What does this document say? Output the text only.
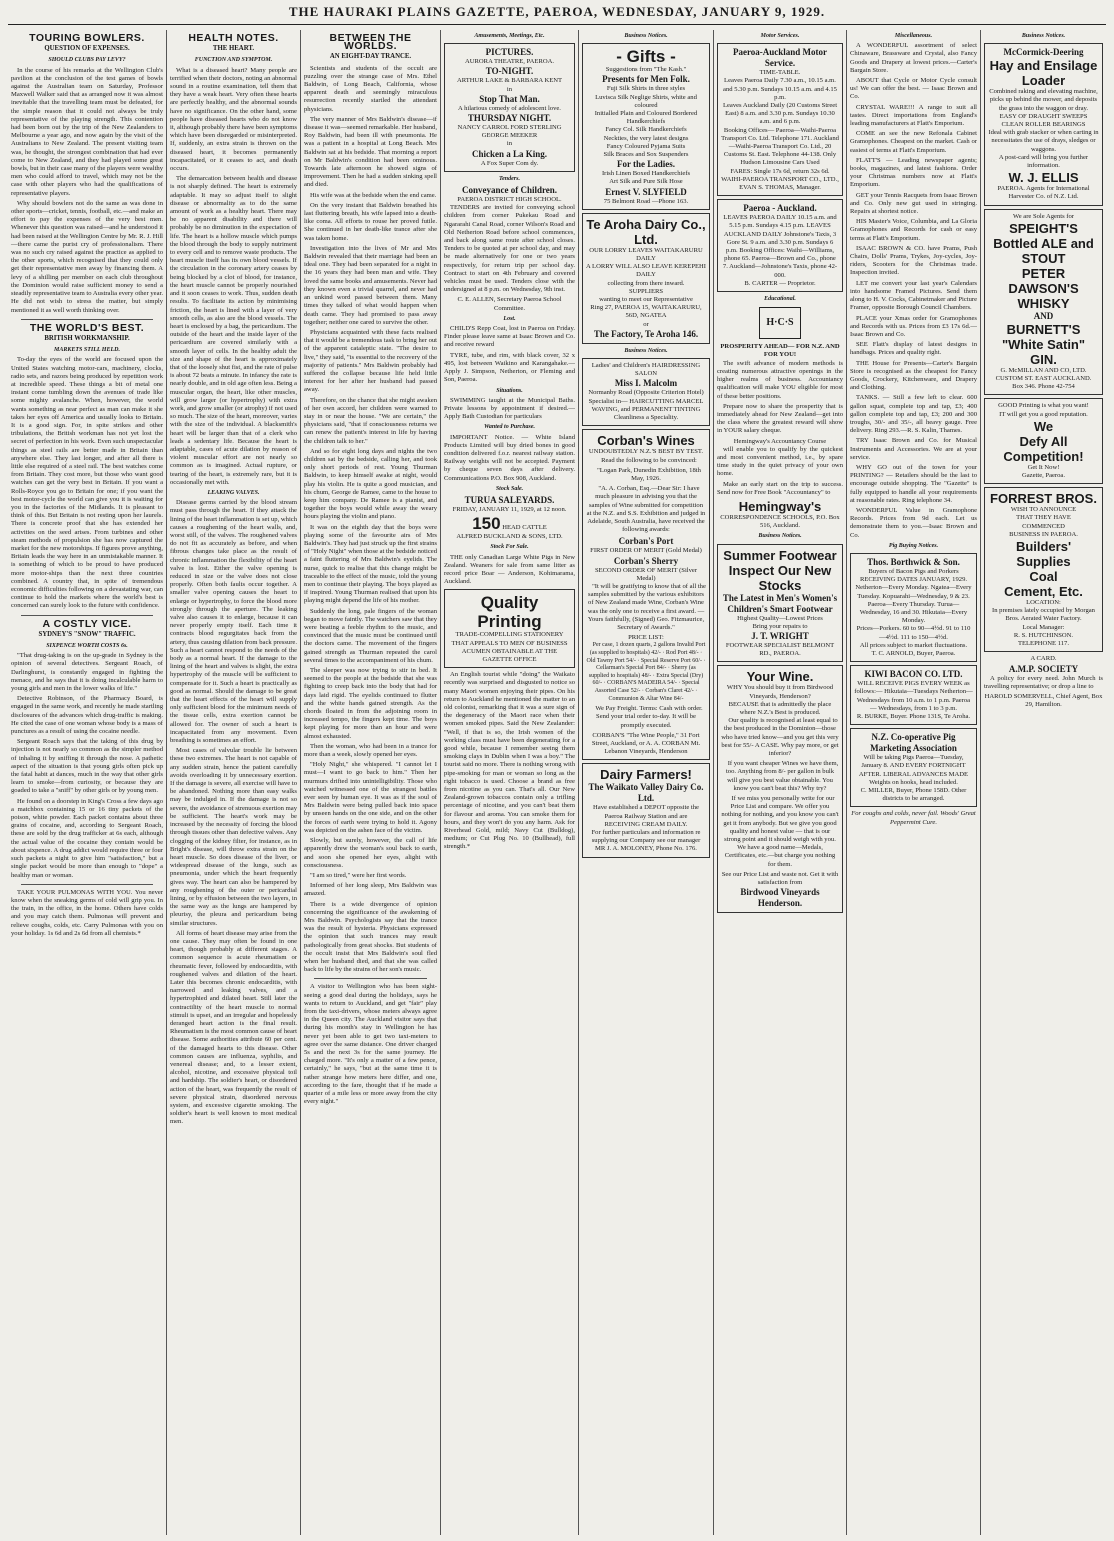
THE HAURAKI PLAINS GAZETTE, PAEROA, WEDNESDAY, JANUARY 9, 1929.
TOURING BOWLERS.
QUESTION OF EXPENSES.
SHOULD CLUBS PAY LEVY?

In the course of his remarks at the Wellington Club's pavilion at the conclusion of the test games of bowls against the Australian team on Saturday, Professor Maxwell Walker said that as arranged now it was almost inevitable that the travelling team must be defeated, for the simple reason that it could not always be truly representative of the playing strength. This contention had been born out by the trip of the New Zealanders to Melbourne a year ago, and now again by the visit of the Australians to New Zealand. The present visiting team was, he thought, the strongest combination that had ever come to New Zealand, and they had played some great bowls, but in their case many of the players were wealthy men who could afford to travel, which may not be the case with other players who had the qualifications of representative players.

Why should bowlers not do the same as was done in other sports—cricket, tennis, football, etc.—and make an effort to pay the expenses of the very best men. Whenever this question was raised—and he understood it had been raised at the Wellington Centre by Mr. R. J. Hill—there came the purist cry of professionalism. There was no such cry raised against the practice as applied to the other sports, which recognised that they could only get their representative men away by financing them. A levy of a shilling per member on each club throughout the Dominion would raise sufficient money to send a steadily representative team to Australia every other year. He did not wish to stress the matter, but simply mentioned it as well worth thinking over.

THE WORLD'S BEST.
BRITISH WORKMANSHIP.
MARKETS STILL HELD.

To-day the eyes of the world are focused upon the United States watching motor-cars, machinery, clocks, radio sets, and razors being produced by repetition work at incredible speed. These things a bit of metal one instant come tumbling down the avenues of trade like some mighty avalanche. When, however, the world wants something as near perfect as man can make it she takes her eyes off America and usually looks to Britain. It is a good sign. For, in spite strikes and other tribulations, the British workman has not yet lost the secret of perfection in his work. Even such unspectacular things as steel rails are better made in Britain than anywhere else. They last longer, and after all there is little else required of a steel rail. The best watches come from Britain. They cost more, but those who want good watches can get the very best in Britain. If you want a Rolls-Royce you go to Britain for one; if you want the best motor-cycle the world can give you it is waiting for you in the factories of the Midlands. It is pleasant to think of this. But Britain is not resting upon her laurels. There is concrete proof that she has extended her activities on the seed arises. From turbines and other steam methods of propulsion she has now captured the market for the new motorships. If figures prove anything, Britain leads the way here in an unmistakable manner. It is something of which to be proud to have produced more motor-ships than the next three countries combined. A country that, in spite of tremendous economic difficulties following on a devastating war, can continue to hold the markets where the world's best is concerned can surely look to the future with confidence.

A COSTLY VICE.
SYDNEY'S "SNOW" TRAFFIC.
SIXPENCE WORTH COSTS 6s.

"That drug-taking is on the up-grade in Sydney is the opinion of several detectives. Sergeant Roach, of Darlinghurst, is constantly engaged in fighting the menace, and he says that it is doing incalculable harm to young girls and men in the lower walks of life."

Detective Robinson, of the Pharmacy Board, is engaged in the same work, and recently he made startling disclosures of the advances which drug-traffic is making. He cited the case of one woman whose body is a mass of punctures as a result of using the cocaine needle.

Sergeant Roach says that the taking of this drug by injection is not nearly so common as the simpler method of inhaling it by sniffing it through the nose. A pathetic aspect of the situation is that young girls often pick up the fatal habit at dances, much in the way that other girls learn to smoke—from curiosity, or because they are goaded to take a "sniff" by other girls or by young men.

He found on a doorstep in King's Cross a few days ago a matchbox containing 15 or 16 tiny packets of the poison, white powder. Each packet contains about three grains of cocaine, and, according to Sergeant Roach, these are sold by the drug trafficker at 6s each, although the actual value of the cocaine they contain would be about sixpence. A drug addict would require three or four such packets a night to give him "satisfaction," but a single packet would be more than enough to "dope" a healthy man or woman.

TAKE YOUR PULMONAS WITH YOU. You never know when the sneaking germs of cold will grip you. In the train, in the office, in the home. Others have colds and you may catch them. Pulmonas will prevent and relieve coughs, colds, etc. Carry Pulmonas with you on your holiday. 1s 6d and 2s 6d from all chemists.*

HEALTH NOTES.
THE HEART.
FUNCTION AND SYMPTOM.

What is a diseased heart? Many people are terrified when their doctors, noting an abnormal sound in a routine examination, tell them that they have a weak heart. Very often these hearts are perfectly healthy, and the abnormal sounds have no significance. On the other hand, some people have diseased hearts who do not know it, although probably there have been symptoms which have been disregarded or misinterpreted. If, suddenly, an extra strain is thrown on the diseased heart, it becomes permanently incapacitated, or it ceases to act, and death occurs.

The demarcation between health and disease is not sharply defined. The heart is extremely adaptable. It may so adjust itself to slight disease or abnormality as to do the same amount of work as a healthy heart. There may be no apparent disability and there will probably be no diminution in the expectation of life. The heart is a hollow muscle which pumps the blood through the body to supply nutriment to every cell and to remove waste products. The heart muscle itself has its own blood vessels. If the circulation in the coronary artery ceases by being blocked by a clot of blood, for instance, the heart muscle cannot be properly nourished and it soon ceases to work. Thus, sudden death results. To facilitate its action by minimising friction, the heart is lined with a layer of very smooth cells, as also are the blood vessels. The heart is enclosed by a bag, the pericardium. The outside of the heart and the inside layer of the pericardium are covered similarly with a smooth layer of cells. In the healthy adult the size and shape of the heart is approximately that of the loosely shut fist, and the rate of pulse is about 72 beats a minute. In infancy the rate is nearly double, and in old age often less. Being a muscular organ, the heart, like other muscles, will grow larger (or hypertrophy) with extra work, and grow smaller (or atrophy) if not used so much. The size of the heart, moreover, varies with the size of the individual. A blacksmith's heart will be larger than that of a clerk who leads a sedentary life. Because the heart is adaptable, cases of acute dilation by reason of violent muscular effort are not nearly so common as is imagined. Actual rupture, or tearing of the heart, is extremely rare, but it is occasionally met with.

LEAKING VALVES.

Disease germs carried by the blood stream must pass through the heart. If they attack the lining of the heart inflammation is set up, which causes a roughening of the heart walls, and, worst still, of the valves. The roughened valves do not fit as accurately as before, and when fibrous changes take place as the result of chronic inflammation the flexibility of the heart valve is lost. Either the valve opening is reduced in size or the valve does not close properly. Often both faults occur together. A smaller valve opening causes the heart to enlarge or hypertrophy, to force the blood more strongly through the aperture. The leaking valve also causes it to enlarge, because it can never properly empty itself. Each time it contracts blood regurgitates back from the artery, thus causing dilation from back pressure. Such a heart cannot respond to the needs of the body as a normal heart. If the damage to the lining of the heart and valves is slight, the extra hypertrophy of the muscle will be sufficient to compensate for it. Such a heart is practically as good as normal. Should the damage to be great that the heart effects of the heart will supply only sufficient blood for the minimum needs of the tissue cells, extra exertion cannot be allowed for. The owner of such a heart is incapacitated from any movement. Even breathing is sometimes an effort.

Most cases of valvular trouble lie between these two extremes. The heart is not capable of any sudden strain, hence the patient carefully avoids overloading it by unnecessary exertion. If the damage is severe, all exercise will have to be abandoned. Nothing more than easy walks may be indulged in. If the damage is not so severe, the avoidance of strenuous exertion may be sufficient. The heart's work may be increased by the necessity of forcing the blood through tissues other than defective valves. Any clogging of the kidney filter, for instance, as in Bright's disease, will throw extra strain on the heart muscle. So does disease of the liver, or widespread disease of the lungs, such as pneumonia, under which the heart frequently gives way. The heart can also be hampered by any roughening of the outer or pericardial lining, or by effusion between the two layers, in the same way as the lungs are hampered by pleurisy, the pleura and pericardium being similar structures.

All forms of heart disease may arise from the one cause. They may often be found in one heart, though probably at different stages. A common sequence is acute rheumatism or rheumatic fever, followed by endocarditis, with roughened valves and dilation of the heart. Later this becomes chronic endocarditis, with narrowed and leaking valves, and a hypertrophied and dilated heart. Still later the contractility of the heart muscle to normal stimuli is upset, and an irregular and hopelessly deranged heart action is the final result. Rheumatism is the most common cause of heart disease. Some authorities attribute 60 per cent. of the damaged hearts to this disease. Other common causes are influenza, syphilis, and venereal disease; and, to a lesser extent, alcohol, nicotine, and excessive physical toil and hardship. The soldier's heart, or disordered action of the heart, was frequently the result of severe physical strain, disordered nervous system, and excessive cigarette smoking. The soldier's heart is well known to most medical men.

BETWEEN THE WORLDS.
AN EIGHT-DAY TRANCE.

Scientists and students of the occult are puzzling over the strange case of Mrs. Ethel Baldwin, of Long Beach, California, whose apparent death and seemingly miraculous resurrection recently startled the attendant physicians.

The very manner of Mrs Baldwin's disease—if disease it was—seemed remarkable. Her husband, Roy Baldwin, had been ill with pneumonia. He was a patient in a hospital at Long Beach. Mrs Baldwin sat at his bedside. That morning a report on Mr Baldwin's condition had been ominous. Towards late afternoon he showed signs of improvement. Then he had a sudden sinking spell and died.

His wife was at the bedside when the end came.

On the very instant that Baldwin breathed his last fluttering breath, his wife lapsed into a death-like coma. All efforts to rouse her proved futile. She continued in her death-like trance after she was taken home.

Investigation into the lives of Mr and Mrs Baldwin revealed that their marriage had been an ideal one. They had been separated for a night in the 16 years they had been man and wife. They loved the same books and amusements. Never had they known even a trivial quarrel, and never had an unkind word passed between them. Many times they talked of what would happen when death came. They had promised to pass away together; neither one cared to survive the other.

Physicians acquainted with these facts realised that it would be a tremendous task to bring her out of the apparent cataleptic state. "The desire to live," they said, "is essential to the recovery of the majority of patients." Mrs Baldwin probably had suffered the collapse because life held little interest for her after her husband had passed away.

Therefore, on the chance that she might awaken of her own accord, her children were warned to stay in or near the house. "We are certain," the physicians said, "that if consciousness returns we can renew the patient's interest in life by having the children talk to her."

And so for eight long days and nights the two children sat by the bedside, calling her, and took only short periods of rest. Young Thurman Baldwin, to keep himself awake at night, would play his violin. He is quite a good musician, and his chum, George de Ramee, came to the house to keep him company. De Ramee is a pianist, and together the boys would while away the weary hours playing the violin and piano.

It was on the eighth day that the boys were playing some of the favourite airs of Mrs Baldwin's. They had just struck up the first strains of "Holy Night" when those at the bedside noticed a faint fluttering of Mrs Baldwin's eyelids. The nurse, quick to realise that this change might be traceable to the effect of the music, told the young men to continue their playing. The boys played as if inspired. Young Thurman realised that upon his playing might depend the life of his mother.

Suddenly the long, pale fingers of the woman began to move faintly. The watchers saw that they were beating a feeble rhythm to the music, and convinced that the music must be continued until the doctors came. The movement of the fingers gained strength as Thurman repeated the carol several times to the accompaniment of his chum.

The sleeper was now trying to stir in bed. It seemed to the people at the bedside that she was fighting to creep back into the body that had for days laid rigid. The eyelids continued to flutter and the white hands gained strength. As the chords floated in from the adjoining room in increased tempo, the fingers kept time. The boys kept playing for more than an hour and were almost exhausted.

Then the woman, who had been in a trance for more than a week, slowly opened her eyes.

"Holy Night," she whispered. "I cannot let I must—I want to go back to him." Then her murmurs drifted into unintelligibility. Those who watched witnessed one of the strangest battles ever seen by human eye. It was as if the soul of Mrs Baldwin were being pulled back into space by unseen hands on the one side, and on the other the forces of earth were trying to hold it. Agony was depicted on the ashen face of the victim.

Slowly, but surely, however, the call of life apparently drew the woman's soul back to earth, and soon she opened her eyes, alight with consciousness.

"I am so tired," were her first words.

Informed of her long sleep, Mrs Baldwin was amazed.

There is a wide divergence of opinion concerning the significance of the awakening of Mrs Baldwin. Psychologists say that the trance was the result of hysteria. Physicians expressed the opinion that such trances may result pathologically from great shocks. But students of the occult insist that Mrs Baldwin's soul fled when her husband died, and that she was called back to life by the strains of her son's music.

A visitor to Wellington who has been sight-seeing a good deal during the holidays, says he wants to return to Auckland, and get "fair" play from the taxi-drivers, whose meters always agree in the Queen city. The Auckland visitor says that during his month's stay in Wellington he has never yet been able to get two taxi-meters to agree over the same distance. One driver charged 5s and the next 3s for the same journey. He charged more. "It's only a matter of a few pence, certainly," he says, "but at the same time it is rather strange how meters here differ, and one, according to the fare, thought that if he made a quarter of a mile less or more away from the city every night."

Amusements, Meetings, Etc.
PICTURES.
AURORA THEATRE, PAEROA.
TO-NIGHT.
ARTHUR LAKE & BARBARA KENT
in
Stop That Man.
A hilarious comedy of adolescent love.
THURSDAY NIGHT.
NANCY CARROL FORD STERLING GEORGE MEEKER
in
Chicken a La King.
A Fox Super Com dy.
Tenders.
Conveyance of Children.
PAEROA DISTRICT HIGH SCHOOL.

TENDERS are invited for conveying school children from corner Pukekau Road and Ngararahi Canal Road, corner Wilson's Road and Old Netherton Road before school commences, and back along same route after school closes. Tenders to be quoted at per school day, and may be made alternatively for one or two years respectively, for return trip per school day. Contract to start on 4th February and covered vehicles must be used. Tenders close with the undersigned at 8 p.m. on Wednesday, 9th inst.

C. E. ALLEN, Secretary Paeroa School Committee.
Lost.

CHILD'S Repp Coat, lost in Paeroa on Friday. Finder please leave same at Isaac Brown and Co. and receive reward

TYRE, tube, and rim, with black cover, 32 x 495, lost between Waikino and Karangahake.—Apply J. Simpson, Netherton, or Fleming and Son, Paeroa.

Situations.

SWIMMING taught at the Municipal Baths. Private lessons by appointment if desired.—Apply Bath Custodian for particulars

Wanted to Purchase.

IMPORTANT Notice. — White Island Products Limited will buy dried bones in good condition delivered f.o.r. nearest railway station. Railway weights will not be accepted. Payment by cheque seven days after delivery. Communications P.O. Box 908, Auckland.

Stock Sale.
TURUA SALEYARDS.
FRIDAY, JANUARY 11, 1929, at 12 noon.
150 HEAD CATTLE
ALFRED BUCKLAND & SONS, LTD.
Stock For Sale.

THE only Canadian Large White Pigs in New Zealand. Weaners for sale from same litter as record price Boar — Anderson, Kohimarama, Auckland.

Quality
Printing
TRADE-COMPELLING STATIONERY THAT APPEALS TO MEN OF BUSINESS ACUMEN OBTAINABLE AT THE GAZETTE OFFICE

An English tourist while "doing" the Waikato recently was surprised and disgusted to notice so many Maori women enjoying their pipes. On his return to Auckland he mentioned the matter to an old colonist, remarking that it was a sure sign of the degeneracy of the Maori race when their women smoked pipes. Said the New Zealander: "Well, if that is so, the Irish women of the working class must have been degenerating for a good while, because I remember seeing them smoking clays in Dublin when I was a boy." The tourist said no more. There is nothing wrong with pipe-smoking for man or woman so long as the right tobacco is used. Choose a brand as free from nicotine as you can. That's all. Our New Zealand-grown tobaccos contain only a trifling percentage of nicotine, and you can't beat them for flavour and aroma. You can smoke them for hours, and they won't do you any harm. Ask for Riverhead Gold, mild; Navy Cut (Bulldog), medium; or Cut Plug No. 10 (Bullhead), full strength.*

Business Notices.
- Gifts -
Suggestions from "The Kash."
Presents for Men Folk.
Fuji Silk Shirts in three styles
Luvisca Silk Neglige Shirts, white and coloured
Initialled Plain and Coloured Bordered Handkerchiefs
Fancy Col. Silk Handkerchiefs
Neckties, the very latest designs
Fancy Coloured Pyjama Suits
Silk Braces and Sox Suspenders
For the Ladies.
Irish Linen Boxed Handkerchiefs
Art Silk and Pure Silk Hose
Ernest V. SLYFIELD
75 Belmont Road —Phone 163.
Te Aroha Dairy Co., Ltd.
OUR LORRY LEAVES WAITAKARURU DAILY
A LORRY WILL ALSO LEAVE KEREPEHI DAILY
collecting from there inward.
SUPPLIERS
wanting to meet our Representative
Ring 27, PAEROA 15, WAITAKARURU, 56D, NGATEA
or
The Factory, Te Aroha 146.
Business Notices.
Ladies' and Children's HAIRDRESSING SALON
Miss I. Malcolm
Normanby Road (Opposite Criterion Hotel)
Specialist in— HAIRCUTTING MARCEL WAVING, and PERMANENT TINTING
Cleanliness a Speciality.
Corban's Wines
UNDOUBTEDLY N.Z.'S BEST BY TEST.

Read the following to be convinced:

"Logan Park, Dunedin Exhibition, 18th May, 1926.

"A. A. Corban, Esq.—Dear Sir: I have much pleasure in advising you that the samples of Wine submitted for competition at the N.Z. and S.S. Exhibition and judged in Adelaide, South Australia, have received the following awards:

Corban's Port
FIRST ORDER OF MERIT (Gold Medal)
Corban's Sherry
SECOND ORDER OF MERIT (Silver Medal)

"It will be gratifying to know that of all the samples submitted by the various exhibitors of New Zealand made Wine, Corban's Wine was the only one to receive a first award. — Yours faithfully, (Signed) Geo. Fitzmaurice, Secretary of Awards."

PRICE LIST:

Per case, 1 dozen quarts, 2 gallons Invalid Port (as supplied to hospitals) 42/- · Rod Port 48/- · Old Tawny Port 54/- · Special Reserve Port 60/- · Cellarman's Special Port 84/- · Sherry (as supplied to hospitals) 48/- · Extra Special (Dry) 60/- · CORBAN'S MADEIRA 54/- · Special Assorted Case 52/- · Corban's Claret 42/- · Communion & Altar Wine 84/-

We Pay Freight. Terms: Cash with order. Send your trial order to-day. It will be promptly executed.

CORBAN'S "The Wine People," 31 Fort Street, Auckland, or A. A. CORBAN Mt. Lebanon Vineyards, Henderson
Dairy Farmers!
The Waikato Valley Dairy Co. Ltd.
Have established a DEPOT opposite the Paeroa Railway Station and are
RECEIVING CREAM DAILY.
For further particulars and information re supplying our Company see our manager
MR J. A. MOLONEY, Phone No. 176.
Motor Services.
Paeroa-Auckland Motor Service.
TIME-TABLE.
Leaves Paeroa Daily 7.30 a.m., 10.15 a.m. and 5.30 p.m. Sundays 10.15 a.m. and 4.15 p.m.
Leaves Auckland Daily (20 Customs Street East) 8 a.m. and 3.30 p.m. Sundays 10.30 a.m. and 6 p.m.
Booking Offices— Paeroa—Waihi-Paeroa Transport Co. Ltd. Telephone 171. Auckland—Waihi-Paeroa Transport Co. Ltd., 20 Customs St. East. Telephone 44-138. Only Hudson Limousine Cars Used
FARES: Single 17s 6d, return 32s 6d.
WAIHI-PAEROA TRANSPORT CO., LTD., EVAN S. THOMAS, Manager.
Paeroa - Auckland.
LEAVES PAEROA DAILY 10.15 a.m. and 5.15 p.m. Sundays 4.15 p.m. LEAVES AUCKLAND DAILY Johnstone's Taxis, 3 Gore St. 9 a.m. and 3.30 p.m. Sundays 6 p.m. Booking Offices: Waihi—Williams, phone 65. Paeroa—Brown and Co., phone 7. Auckland—Johnstone's Taxis, phone 42-000.
B. CARTER — Proprietor.
Educational.
H·C·S
PROSPERITY AHEAD— FOR N.Z. AND FOR YOU!

The swift advance of modern methods is creating numerous attractive openings in the higher realms of business. Accountancy qualification will make YOU eligible for most of these better positions.

Prepare now to share the prosperity that is immediately ahead for New Zealand—get into the class where the greatest reward will show in YOUR salary cheque.

Hemingway's Accountancy Course

will enable you to qualify by the quickest and most convenient method, i.e., by spare time study in the quiet privacy of your own home.

Make an early start on the trip to success. Send now for Free Book "Accountancy" to

Hemingway's
CORRESPONDENCE SCHOOLS, P.O. Box 516, Auckland.
Business Notices.
Summer Footwear
Inspect Our New Stocks
The Latest in Men's Women's Children's Smart Footwear
Highest Quality—Lowest Prices
Bring your repairs to
J. T. WRIGHT
FOOTWEAR SPECIALIST BELMONT RD., PAEROA.
Your Wine.
WHY You should buy it from Birdwood Vineyards, Henderson?
BECAUSE that is admittedly the place where N.Z.'s Best is produced.

Our quality is recognised at least equal to the best produced in the Dominion—those who have tried know—and you get this very best for 55/- A CASE. Why pay more, or get inferior?

If you want cheaper Wines we have them, too. Anything from 8/- per gallon in bulk will give you best value obtainable. You know you can't beat this? Why try?

If we miss you personally write for our Price List and compare. We offer you nothing for nothing, and you know you can't get it from anybody. But we give you good quality and honest value — that is our strong point and it should weigh with you. We have a good name—Medals, Certificates, etc.—but charge you nothing for them.

See our Price List and waste not. Get it with satisfaction from
Birdwood Vineyards Henderson.
Miscellaneous.

A WONDERFUL assortment of select Chinaware, Brassware and Crystal, also Fancy Goods and Drapery at lowest prices.—Carter's Bargain Store.

ABOUT that Cycle or Motor Cycle consult us! We can offer the best. — Isaac Brown and Co.

CRYSTAL WARE!!! A range to suit all tastes. Direct importations from England's leading manufacturers at Flatt's Emporium.

COME an see the new Refonala Cabinet Gramophones. Cheapest on the market. Cash or easiest of terms at Flatt's Emporium.

FLATT'S — Leading newspaper agents; books, magazines, and latest fashions. Order your Christmas numbers now at Flatt's Emporium.

GET your Tennis Racquets from Isaac Brown and Co. Only new gut used in stringing. Repairs at shortest notice.

HIS Master's Voice, Columbia, and La Gloria Gramophones and Records for cash or easy terms at Flatt's Emporium.

ISAAC BROWN & CO. have Prams, Push Chairs, Dolls' Prams, Trykes, Joy-cycles, Joy-riders, Scooters for the Christmas trade. Inspection invited.

LET me convert your last year's Calendars into handsome Framed Pictures. Send them along to H. V. Cocks, Cabinetmaker and Picture Framer, opposite Borough Council Chambers.

PLACE your Xmas order for Gramophones and Records with us. Prices from £3 17s 6d.—Isaac Brown and Co.

SEE Flatt's display of latest designs in handbags. Prices and quality right.

THE House for Presents—Carter's Bargain Store is recognised as the cheapest for Fancy Goods, Crockery, Kitchenware, and Drapery and Clothing.

TANKS. — Still a few left to clear. 600 gallon squat, complete top and tap, £3; 400 gallon complete top and tap, £3; 200 and 300 troughs, 30/- and 35/-, all heavy gauge. Free delivery. Ring 293.—R. S. Kalin, Thames.

TRY Isaac Brown and Co. for Musical Instruments and Accessories. We are at your service.

WHY GO out of the town for your PRINTING? — Retailers should be the last to encourage outside shopping. The "Gazette" is fully equipped to handle all your requirements at reasonable rates. Ring telephone 34.

WONDERFUL Value in Gramophone Records. Prices from 9d each. Let us demonstrate them to you.—Isaac Brown and Co.

Pig Buying Notices.
Thos. Borthwick & Son.
Buyers of Bacon Pigs and Porkers
RECEIVING DATES JANUARY, 1929.
Netherton—Every Monday. Ngatea—Every Tuesday. Kopuarahi—Wednesday, 9 & 23. Paeroa—Every Thursday. Turua—Wednesday, 16 and 30. Hikutaia—Every Monday.
Prices—Porkers. 60 to 90—4½d. 91 to 110—4½d. 111 to 150—4½d.
All prices subject to market fluctuations.
T. C. ARNOLD, Buyer, Paeroa.
KIWI BACON CO. LTD.
WILL RECEIVE PIGS EVERY WEEK as follows:— Hikutaia—Tuesdays Netherton—Wednesdays from 10 a.m. to 1 p.m. Paeroa — Wednesdays, from 1 to 3 p.m.
R. BURKE, Buyer. Phone 131S, Te Aroha.
N.Z. Co-operative Pig Marketing Association
Will be taking Pigs Paeroa—Tuesday, January 8. AND EVERY FORTNIGHT AFTER. LIBERAL ADVANCES MADE Weights on hooks, head included.
C. MILLER, Buyer, Phone 158D. Other districts to be arranged.
For coughs and colds, never fail. Woods' Great Peppermint Cure.
Business Notices.
McCormick-Deering
Hay and Ensilage Loader
Combined raking and elevating machine, picks up behind the mower, and deposits the grass into the waggon or dray.
EASY OF DRAUGHT SWEEPS CLEAN ROLLER BEARINGS
Ideal with grab stacker or when carting in necessitates the use of drays, sledges or waggons.
A post-card will bring you further information.
W. J. ELLIS
PAEROA. Agents for International Harvester Co. of N.Z. Ltd.
We are Sole Agents for
SPEIGHT'S
Bottled ALE and STOUT
PETER DAWSON'S
WHISKY
AND
BURNETT'S
"White Satin" GIN.
G. McMILLAN AND CO, LTD.
CUSTOM ST. EAST AUCKLAND.
Box 346. Phone 42-754
GOOD Printing is what you want!
IT will get you a good reputation.
We
Defy All
Competition!
Get It Now!
Gazette, Paeroa.
FORREST BROS.
WISH TO ANNOUNCE
THAT THEY HAVE
COMMENCED
BUSINESS IN PAEROA.
Builders' Supplies
Coal
Cement, Etc.
LOCATION:
In premises lately occupied by Morgan Bros. Aerated Water Factory.
Local Manager:
R. S. HUTCHINSON.
TELEPHONE 117.
A CARD.
A.M.P. SOCIETY

A policy for every need. John Murch is travelling representative; or drop a line to

HAROLD SOMERVELL, Chief Agent, Box 29, Hamilton.
